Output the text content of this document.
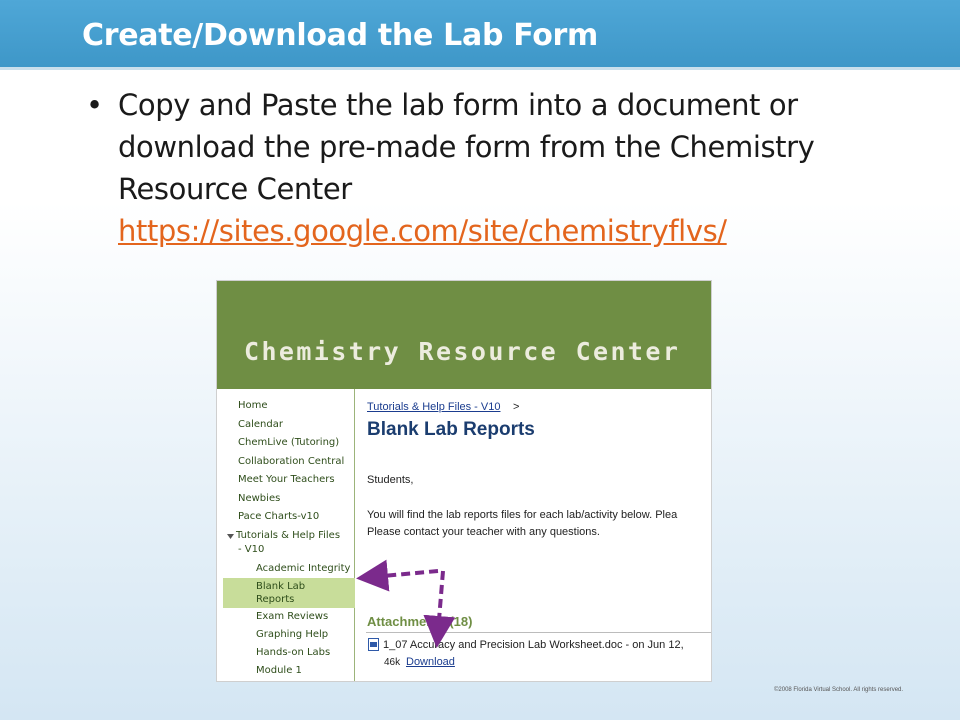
Create/Download the Lab Form
• Copy and Paste the lab form into a document or download the pre-made form from the Chemistry Resource Center
https://sites.google.com/site/chemistryflvs/
Chemistry Resource Center
Home
Calendar
ChemLive (Tutoring)
Collaboration Central
Meet Your Teachers
Newbies
Pace Charts-v10
Tutorials & Help Files
- V10
Academic Integrity
Blank Lab
Reports
Exam Reviews
Graphing Help
Hands-on Labs
Module 1
Tutorials & Help Files - V10 >
Blank Lab Reports
Students,
You will find the lab reports files for each lab/activity below. Plea
Please contact your teacher with any questions.
Attachments (18)
1_07 Accuracy and Precision Lab Worksheet.doc - on Jun 12,
46k Download
©2008 Florida Virtual School. All rights reserved.
